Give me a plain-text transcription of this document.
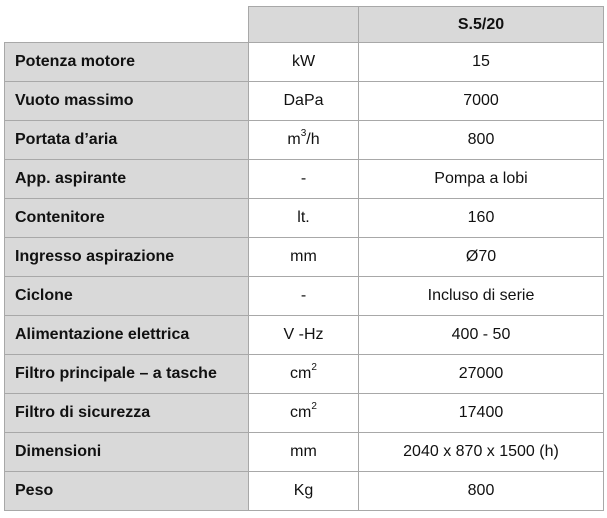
		S.5/20
Potenza motore	kW	15
Vuoto massimo	DaPa	7000
Portata d’aria	$m^3/h$	800
App. aspirante	-	Pompa a lobi
Contenitore	lt.	160
Ingresso aspirazione	mm	Ø70
Ciclone	-	Incluso di serie
Alimentazione elettrica	V -Hz	400 - 50
Filtro principale – a tasche	$cm^2$	27000
Filtro di sicurezza	$cm^2$	17400
Dimensioni	mm	2040 x 870 x 1500 (h)
Peso	Kg	800
